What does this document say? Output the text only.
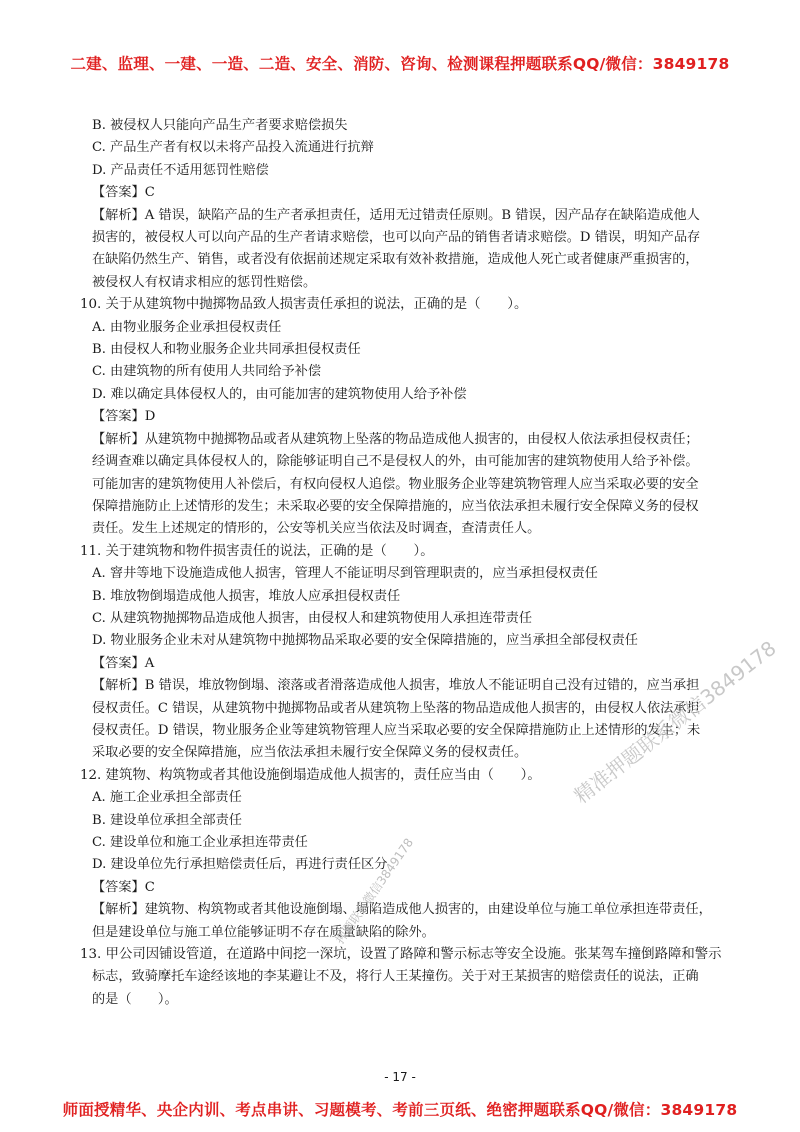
二建、监理、一建、一造、二造、安全、消防、咨询、检测课程押题联系QQ/微信：3849178
B. 被侵权人只能向产品生产者要求赔偿损失
C. 产品生产者有权以未将产品投入流通进行抗辩
D. 产品责任不适用惩罚性赔偿
【答案】C
【解析】A 错误，缺陷产品的生产者承担责任，适用无过错责任原则。B 错误，因产品存在缺陷造成他人
损害的，被侵权人可以向产品的生产者请求赔偿，也可以向产品的销售者请求赔偿。D 错误，明知产品存
在缺陷仍然生产、销售，或者没有依据前述规定采取有效补救措施，造成他人死亡或者健康严重损害的，
被侵权人有权请求相应的惩罚性赔偿。
10. 关于从建筑物中抛掷物品致人损害责任承担的说法，正确的是（　　）。
A. 由物业服务企业承担侵权责任
B. 由侵权人和物业服务企业共同承担侵权责任
C. 由建筑物的所有使用人共同给予补偿
D. 难以确定具体侵权人的，由可能加害的建筑物使用人给予补偿
【答案】D
【解析】从建筑物中抛掷物品或者从建筑物上坠落的物品造成他人损害的，由侵权人依法承担侵权责任；
经调查难以确定具体侵权人的，除能够证明自己不是侵权人的外，由可能加害的建筑物使用人给予补偿。
可能加害的建筑物使用人补偿后，有权向侵权人追偿。物业服务企业等建筑物管理人应当采取必要的安全
保障措施防止上述情形的发生；未采取必要的安全保障措施的，应当依法承担未履行安全保障义务的侵权
责任。发生上述规定的情形的，公安等机关应当依法及时调查，查清责任人。
11. 关于建筑物和物件损害责任的说法，正确的是（　　）。
A. 窨井等地下设施造成他人损害，管理人不能证明尽到管理职责的，应当承担侵权责任
B. 堆放物倒塌造成他人损害，堆放人应承担侵权责任
C. 从建筑物抛掷物品造成他人损害，由侵权人和建筑物使用人承担连带责任
D. 物业服务企业未对从建筑物中抛掷物品采取必要的安全保障措施的，应当承担全部侵权责任
【答案】A
【解析】B 错误，堆放物倒塌、滚落或者滑落造成他人损害，堆放人不能证明自己没有过错的，应当承担
侵权责任。C 错误，从建筑物中抛掷物品或者从建筑物上坠落的物品造成他人损害的，由侵权人依法承担
侵权责任。D 错误，物业服务企业等建筑物管理人应当采取必要的安全保障措施防止上述情形的发生；未
采取必要的安全保障措施，应当依法承担未履行安全保障义务的侵权责任。
12. 建筑物、构筑物或者其他设施倒塌造成他人损害的，责任应当由（　　）。
A. 施工企业承担全部责任
B. 建设单位承担全部责任
C. 建设单位和施工企业承担连带责任
D. 建设单位先行承担赔偿责任后，再进行责任区分
【答案】C
【解析】建筑物、构筑物或者其他设施倒塌、塌陷造成他人损害的，由建设单位与施工单位承担连带责任，
但是建设单位与施工单位能够证明不存在质量缺陷的除外。
13. 甲公司因铺设管道，在道路中间挖一深坑，设置了路障和警示标志等安全设施。张某驾车撞倒路障和警示
标志，致骑摩托车途经该地的李某避让不及，将行人王某撞伤。关于对王某损害的赔偿责任的说法，正确
的是（　　）。
精准押题联系微信3849178
押题联系微信3849178
- 17 -
师面授精华、央企内训、考点串讲、习题模考、考前三页纸、绝密押题联系QQ/微信：3849178
